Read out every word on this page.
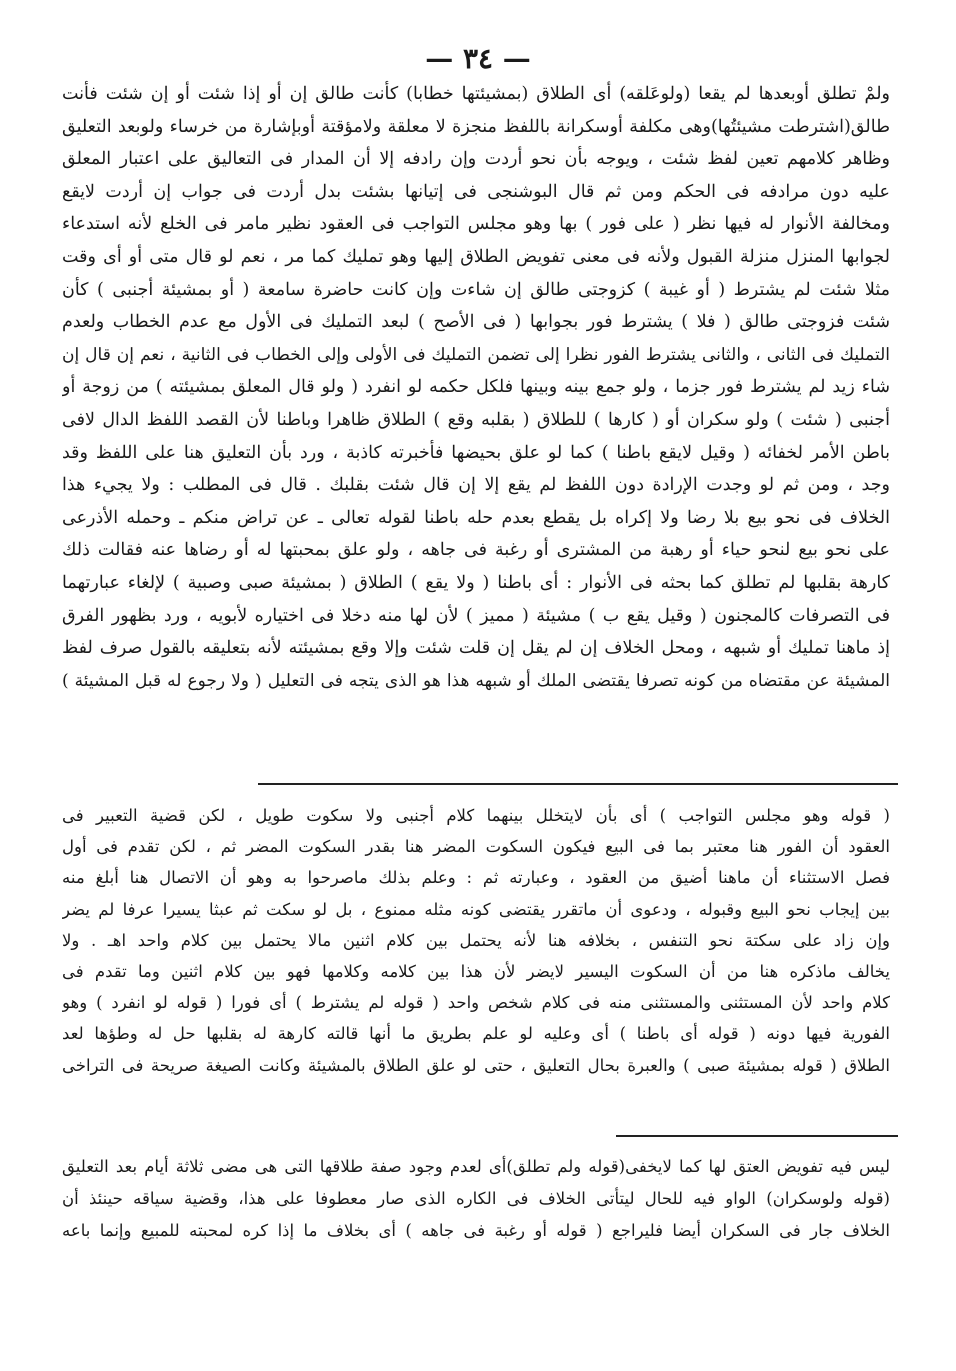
— ٣٤ —
ولمْ تطلق أوبعدها لم يقعا (ولوعَلقه) أى الطلاق (بمشيئتها خطابا) كأنت طالق إن أو إذا شئت أو إن شئت فأنت
طالق(اشترطت مشيئتُها)وهى مكلفة أوسكرانة باللفظ منجزة لا معلقة ولامؤقتة أوبإشارة من خرساء ولوبعد التعليق
وظاهر كلامهم تعين لفظ شئت ، ويوجه بأن نحو أردت وإن رادفه إلا أن المدار فى التعاليق على اعتبار المعلق
عليه دون مرادفه فى الحكم ومن ثم قال البوشنجى فى إتيانها بشئت بدل أردت فى جواب إن أردت لايقع
ومخالفة الأنوار له فيها نظر ( على فور ) بها وهو مجلس التواجب فى العقود نظير مامر فى الخلع لأنه استدعاء
لجوابها المنزل منزلة القبول ولأنه فى معنى تفويض الطلاق إليها وهو تمليك كما مر ، نعم لو قال متى أو أى وقت
مثلا شئت لم يشترط ( أو غيبة ) كزوجتى طالق إن شاءت وإن كانت حاضرة سامعة ( أو بمشيئة أجنبى ) كأن
شئت فزوجتى طالق ( فلا ) يشترط فور بجوابها ( فى الأصح ) لبعد التمليك فى الأول مع عدم الخطاب ولعدم
التمليك فى الثانى ، والثانى يشترط الفور نظرا إلى تضمن التمليك فى الأولى وإلى الخطاب فى الثانية ، نعم إن قال إن
شاء زيد لم يشترط فور جزما ، ولو جمع بينه وبينها فلكل حكمه لو انفرد ( ولو قال المعلق بمشيئته ) من زوجة أو
أجنبى ( شئت ) ولو سكران أو ( كارها ) للطلاق ( بقلبه وقع ) الطلاق ظاهرا وباطنا لأن القصد اللفظ الدال لافى
باطن الأمر لخفائه ( وقيل لايقع باطنا ) كما لو علق بحيضها فأخبرته كاذبة ، ورد بأن التعليق هنا على اللفظ وقد
وجد ، ومن ثم لو وجدت الإرادة دون اللفظ لم يقع إلا إن قال شئت بقلبك . قال فى المطلب : ولا يجيء هذا
الخلاف فى نحو بيع بلا رضا ولا إكراه بل يقطع بعدم حله باطنا لقوله تعالى ـ عن تراض منكم ـ وحمله الأذرعى
على نحو بيع لنحو حياء أو رهبة من المشترى أو رغبة فى جاهه ، ولو علق بمحبتها له أو رضاها عنه فقالت ذلك
كارهة بقلبها لم تطلق كما بحثه فى الأنوار : أى باطنا ( ولا يقع ) الطلاق ( بمشيئة صبى وصبية ) لإلغاء عبارتهما
فى التصرفات كالمجنون ( وقيل يقع ب ) مشيئة ( مميز ) لأن لها منه دخلا فى اختياره لأبويه ، ورد بظهور الفرق
إذ ماهنا تمليك أو شبهه ، ومحل الخلاف إن لم يقل إن قلت شئت وإلا وقع بمشيئته لأنه بتعليقه بالقول صرف لفظ
المشيئة عن مقتضاه من كونه تصرفا يقتضى الملك أو شبهه هذا هو الذى يتجه فى التعليل ( ولا رجوع له قبل المشيئة )
( قوله وهو مجلس التواجب ) أى بأن لايتخلل بينهما كلام أجنبى ولا سكوت طويل ، لكن قضية التعبير فى
العقود أن الفور هنا معتبر بما فى البيع فيكون السكوت المضر هنا بقدر السكوت المضر ثم ، لكن تقدم فى أول
فصل الاستثناء أن ماهنا أضيق من العقود ، وعبارته ثم : وعلم بذلك ماصرحوا به وهو أن الاتصال هنا أبلغ منه
بين إيجاب نحو البيع وقبوله ، ودعوى أن ماتقرر يقتضى كونه مثله ممنوع ، بل لو سكت ثم عبثا يسيرا عرفا لم يضر
وإن زاد على سكتة نحو التنفس ، بخلافه هنا لأنه يحتمل بين كلام اثنين مالا يحتمل بين كلام واحد اهـ . ولا
يخالف ماذكره هنا من أن السكوت اليسير لايضر لأن هذا بين كلامه وكلامها فهو بين كلام اثنين وما تقدم فى
كلام واحد لأن المستثنى والمستثنى منه فى كلام شخص واحد ( قوله لم يشترط ) أى فورا ( قوله لو انفرد ) وهو
الفورية فيها دونه ( قوله أى باطنا ) أى وعليه لو علم بطريق ما أنها قالته كارهة له بقلبها حل له وطؤها لعد
الطلاق ( قوله بمشيئة صبى ) والعبرة بحال التعليق ، حتى لو علق الطلاق بالمشيئة وكانت الصيغة صريحة فى التراخى
ليس فيه تفويض العتق لها كما لايخفى(قوله ولم تطلق)أى لعدم وجود صفة طلاقها التى هى مضى ثلاثة أيام بعد التعليق
(قوله ولوسكران) الواو فيه للحال ليتأتى الخلاف فى الكاره الذى صار معطوفا على هذا، وقضية سياقه حينئذ أن
الخلاف جار فى السكران أيضا فليراجع ( قوله أو رغبة فى جاهه ) أى بخلاف ما إذا كره لمحبته للمبيع وإنما باعه
